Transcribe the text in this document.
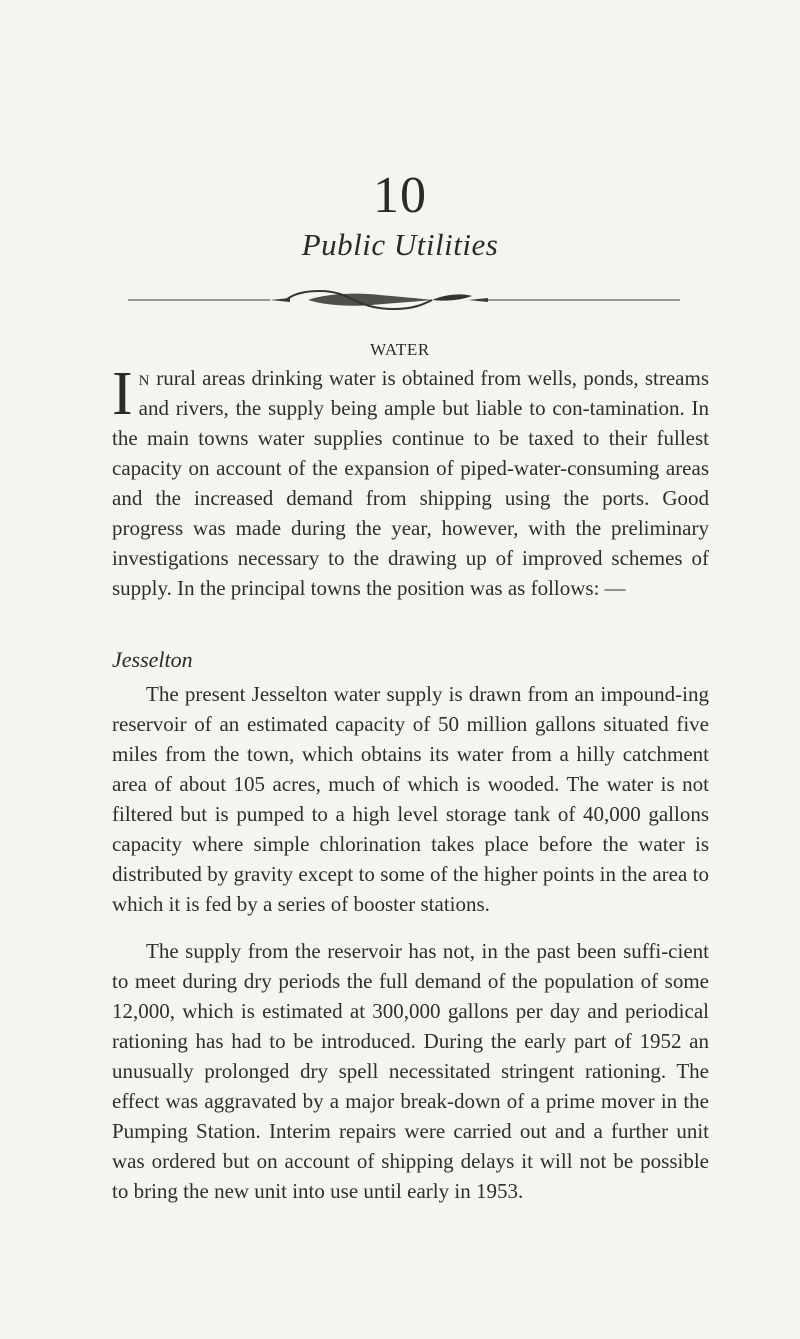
10
Public Utilities
WATER

In rural areas drinking water is obtained from wells, ponds, streams and rivers, the supply being ample but liable to con-tamination. In the main towns water supplies continue to be taxed to their fullest capacity on account of the expansion of piped-water-consuming areas and the increased demand from shipping using the ports. Good progress was made during the year, however, with the preliminary investigations necessary to the drawing up of improved schemes of supply. In the principal towns the position was as follows: —

Jesselton

The present Jesselton water supply is drawn from an impound-ing reservoir of an estimated capacity of 50 million gallons situated five miles from the town, which obtains its water from a hilly catchment area of about 105 acres, much of which is wooded. The water is not filtered but is pumped to a high level storage tank of 40,000 gallons capacity where simple chlorination takes place before the water is distributed by gravity except to some of the higher points in the area to which it is fed by a series of booster stations.

The supply from the reservoir has not, in the past been suffi-cient to meet during dry periods the full demand of the population of some 12,000, which is estimated at 300,000 gallons per day and periodical rationing has had to be introduced. During the early part of 1952 an unusually prolonged dry spell necessitated stringent rationing. The effect was aggravated by a major break-down of a prime mover in the Pumping Station. Interim repairs were carried out and a further unit was ordered but on account of shipping delays it will not be possible to bring the new unit into use until early in 1953.
